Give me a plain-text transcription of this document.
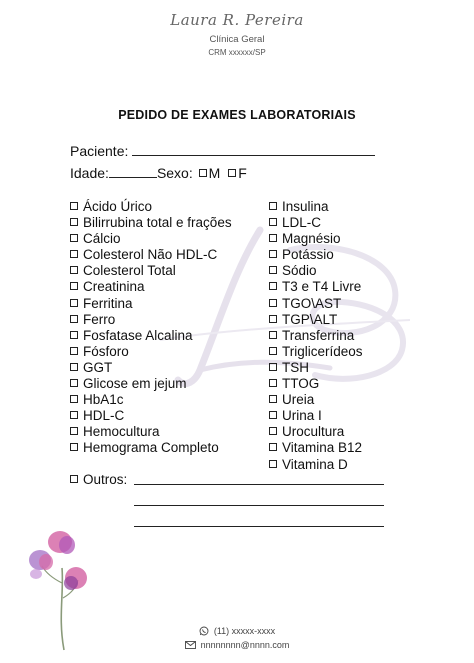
Laura R. Pereira
Clínica Geral
CRM xxxxxx/SP
PEDIDO DE EXAMES LABORATORIAIS
Paciente:
Idade:	Sexo: M F
Ácido Úrico
Bilirrubina total e frações
Cálcio
Colesterol Não HDL-C
Colesterol Total
Creatinina
Ferritina
Ferro
Fosfatase Alcalina
Fósforo
GGT
Glicose em jejum
HbA1c
HDL-C
Hemocultura
Hemograma Completo
Insulina
LDL-C
Magnésio
Potássio
Sódio
T3 e T4 Livre
TGO\AST
TGP\ALT
Transferrina
Triglicerídeos
TSH
TTOG
Ureia
Urina I
Urocultura
Vitamina B12
Vitamina D
Outros:
(11) xxxxx-xxxx
nnnnnnnn@nnnn.com
